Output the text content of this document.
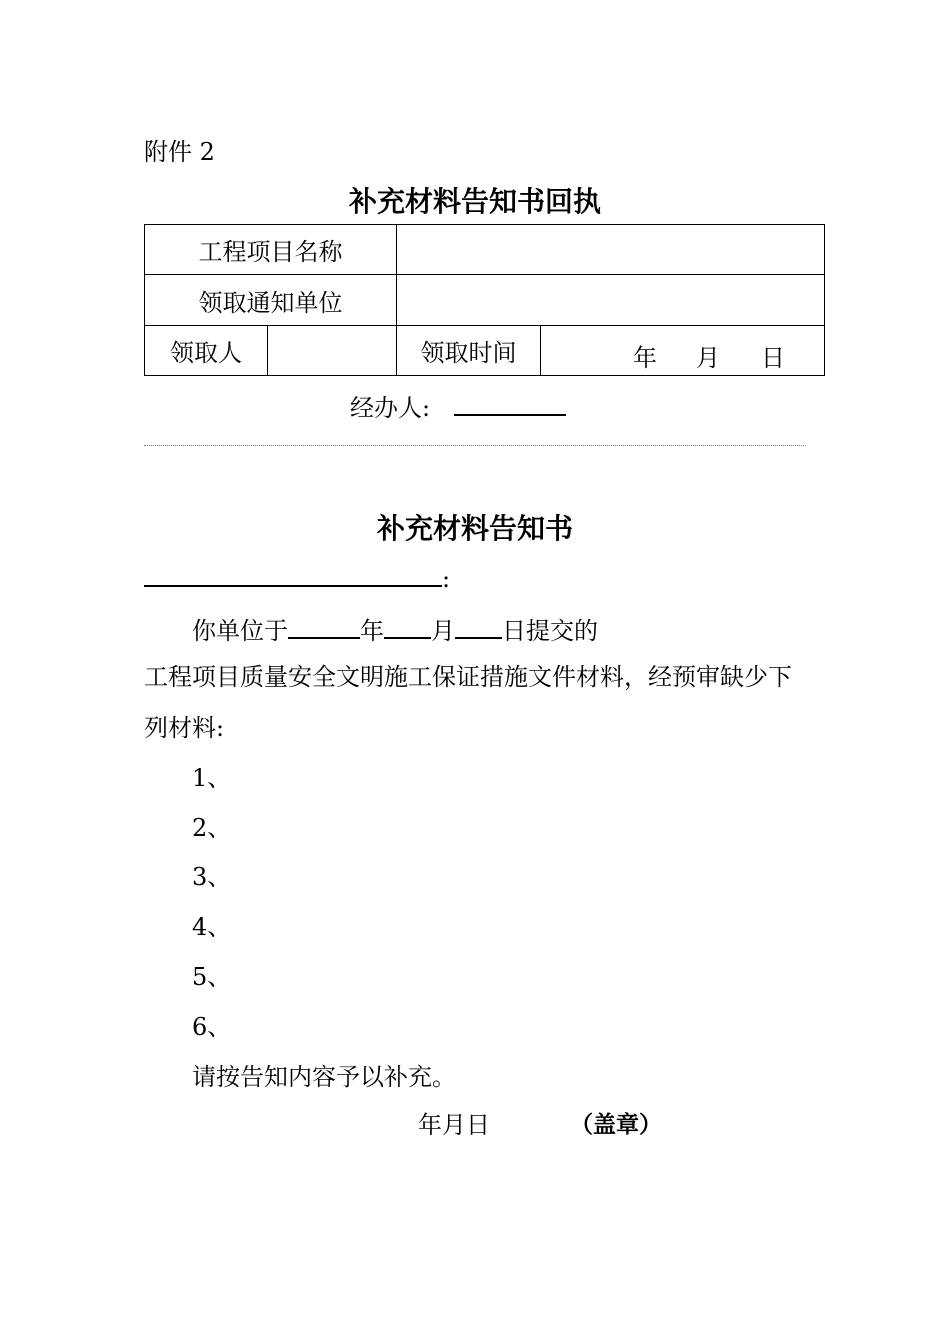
附件 2
补充材料告知书回执
工程项目名称			
领取通知单位			
领取人		领取时间	年 月 日
经办人:
补充材料告知书
:
你单位于	年 月 日提交的
工程项目质量安全文明施工保证措施文件材料，经预审缺少下
列材料:
1、
2、
3、
4、
5、
6、
请按告知内容予以补充。
年月日	（盖章）
